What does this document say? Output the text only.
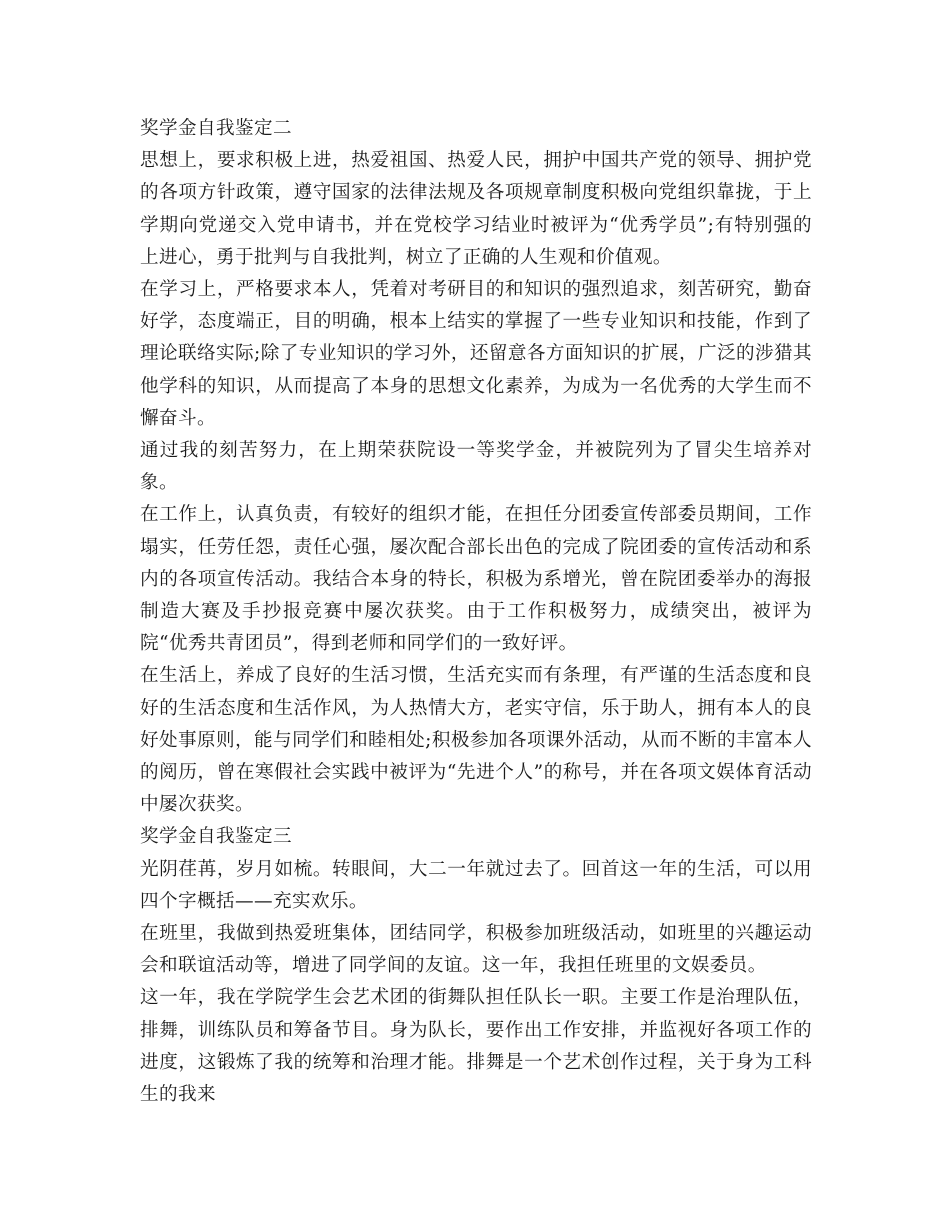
奖学金自我鉴定二

思想上，要求积极上进，热爱祖国、热爱人民，拥护中国共产党的领导、拥护党的各项方针政策，遵守国家的法律法规及各项规章制度积极向党组织靠拢，于上学期向党递交入党申请书，并在党校学习结业时被评为“优秀学员”;有特别强的上进心，勇于批判与自我批判，树立了正确的人生观和价值观。

在学习上，严格要求本人，凭着对考研目的和知识的强烈追求，刻苦研究，勤奋好学，态度端正，目的明确，根本上结实的掌握了一些专业知识和技能，作到了理论联络实际;除了专业知识的学习外，还留意各方面知识的扩展，广泛的涉猎其他学科的知识，从而提高了本身的思想文化素养，为成为一名优秀的大学生而不懈奋斗。

通过我的刻苦努力，在上期荣获院设一等奖学金，并被院列为了冒尖生培养对象。

在工作上，认真负责，有较好的组织才能，在担任分团委宣传部委员期间，工作塌实，任劳任怨，责任心强，屡次配合部长出色的完成了院团委的宣传活动和系内的各项宣传活动。我结合本身的特长，积极为系增光，曾在院团委举办的海报制造大赛及手抄报竞赛中屡次获奖。由于工作积极努力，成绩突出，被评为院“优秀共青团员”，得到老师和同学们的一致好评。

在生活上，养成了良好的生活习惯，生活充实而有条理，有严谨的生活态度和良好的生活态度和生活作风，为人热情大方，老实守信，乐于助人，拥有本人的良好处事原则，能与同学们和睦相处;积极参加各项课外活动，从而不断的丰富本人的阅历，曾在寒假社会实践中被评为“先进个人”的称号，并在各项文娱体育活动中屡次获奖。

奖学金自我鉴定三

光阴荏苒，岁月如梳。转眼间，大二一年就过去了。回首这一年的生活，可以用四个字概括——充实欢乐。

在班里，我做到热爱班集体，团结同学，积极参加班级活动，如班里的兴趣运动会和联谊活动等，增进了同学间的友谊。这一年，我担任班里的文娱委员。

这一年，我在学院学生会艺术团的街舞队担任队长一职。主要工作是治理队伍，排舞，训练队员和筹备节目。身为队长，要作出工作安排，并监视好各项工作的进度，这锻炼了我的统筹和治理才能。排舞是一个艺术创作过程，关于身为工科生的我来
